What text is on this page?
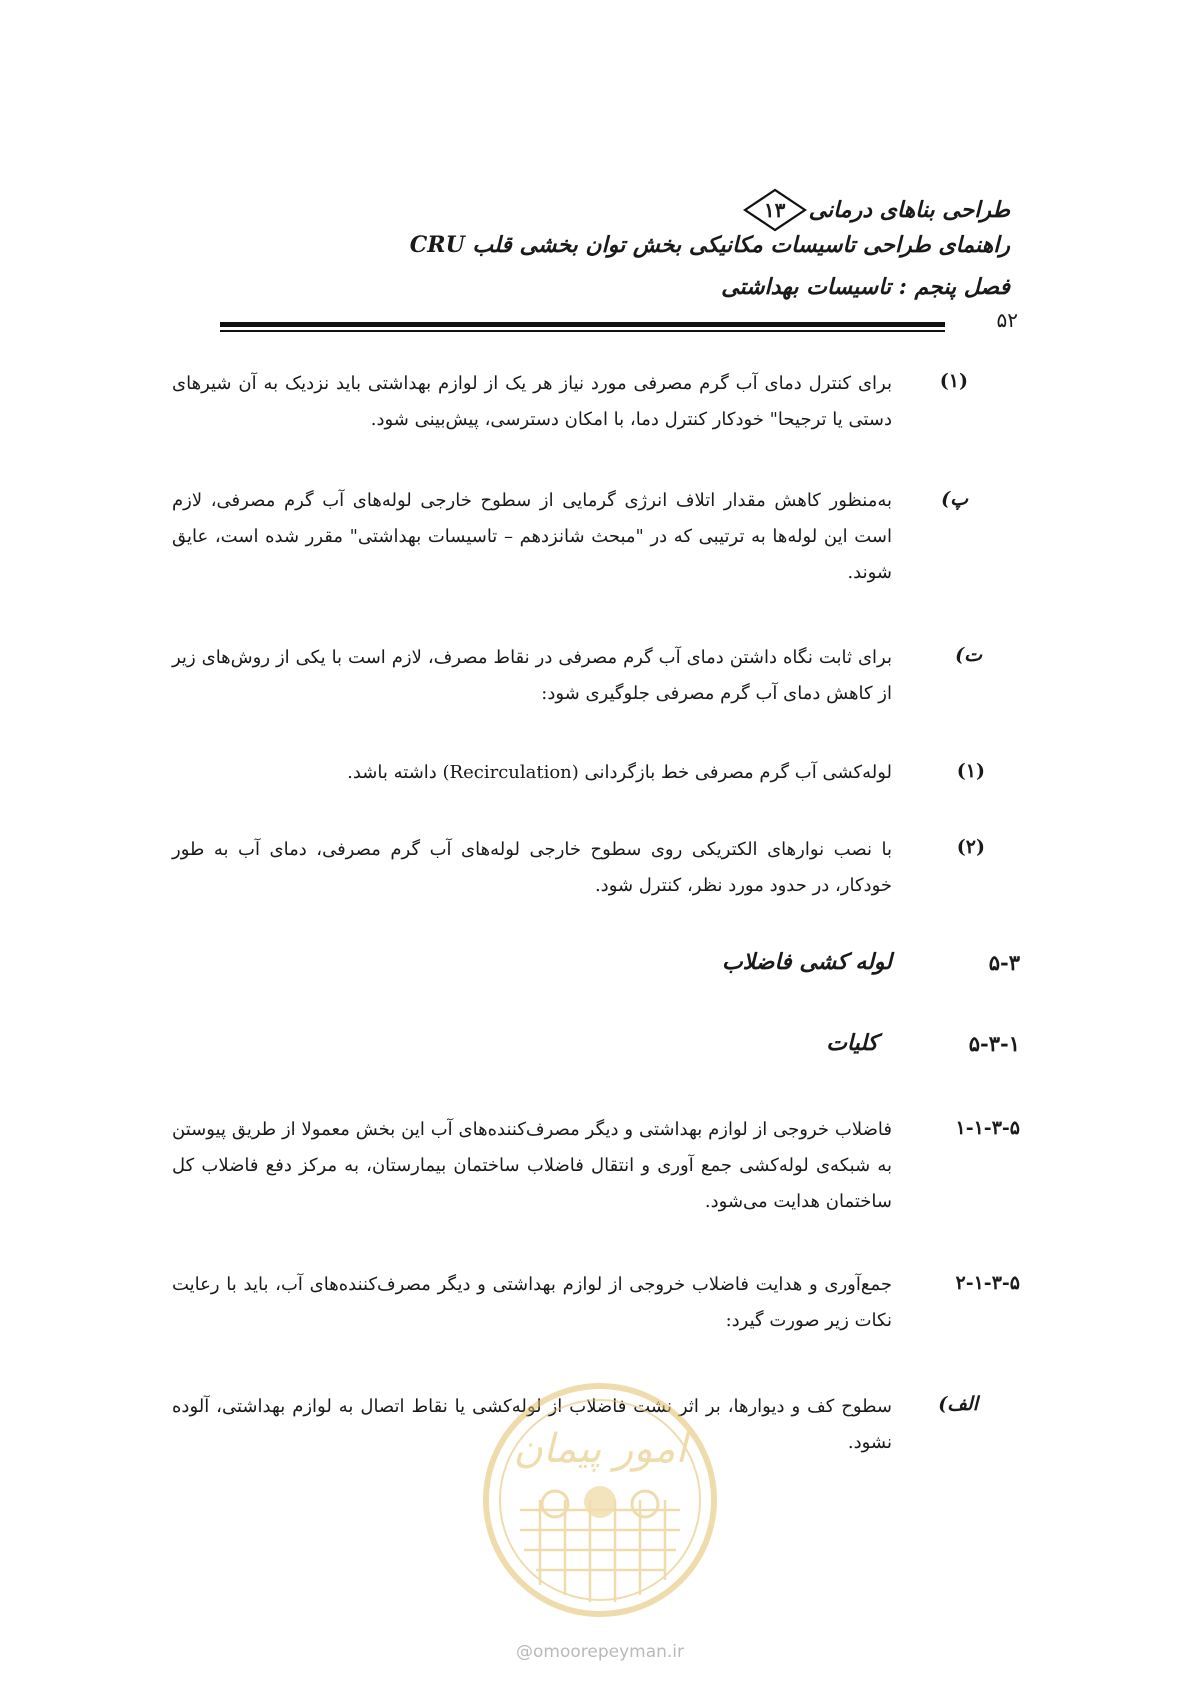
طراحی بناهای درمانی
۱۳
راهنمای طراحی تاسیسات مکانیکی بخش توان بخشی قلب CRU
فصل پنجم : تاسیسات بهداشتی
۵۲
(۱)
برای کنترل دمای آب گرم مصرفی مورد نیاز هر یک از لوازم بهداشتی باید نزدیک به آن شیرهای دستی یا ترجیحا" خودکار کنترل دما، با امکان دسترسی، پیش‌بینی شود.
پ)
به‌منظور کاهش مقدار اتلاف انرژی گرمایی از سطوح خارجی لوله‌های آب گرم مصرفی، لازم است این لوله‌ها به ترتیبی که در "مبحث شانزدهم – تاسیسات بهداشتی" مقرر شده است، عایق شوند.
ت)
برای ثابت نگاه داشتن دمای آب گرم مصرفی در نقاط مصرف، لازم است با یکی از روش‌های زیر از کاهش دمای آب گرم مصرفی جلوگیری شود:
(۱)
لوله‌کشی آب گرم مصرفی خط بازگردانی (Recirculation) داشته باشد.
(۲)
با نصب نوارهای الکتریکی روی سطوح خارجی لوله‌های آب گرم مصرفی، دمای آب به طور خودکار، در حدود مورد نظر، کنترل شود.
۵-۳
لوله کشی فاضلاب
۵-۳-۱
کلیات
۱-۱-۳-۵
فاضلاب خروجی از لوازم بهداشتی و دیگر مصرف‌کننده‌های آب این بخش معمولا از طریق پیوستن به شبکه‌ی لوله‌کشی جمع آوری و انتقال فاضلاب ساختمان بیمارستان، به مرکز دفع فاضلاب کل ساختمان هدایت می‌شود.
۲-۱-۳-۵
جمع‌آوری و هدایت فاضلاب خروجی از لوازم بهداشتی و دیگر مصرف‌کننده‌های آب، باید با رعایت نکات زیر صورت گیرد:
الف)
سطوح کف و دیوارها، بر اثر نشت فاضلاب از لوله‌کشی یا نقاط اتصال به لوازم بهداشتی، آلوده نشود.
امور پیمان
@omoorepeyman.ir
